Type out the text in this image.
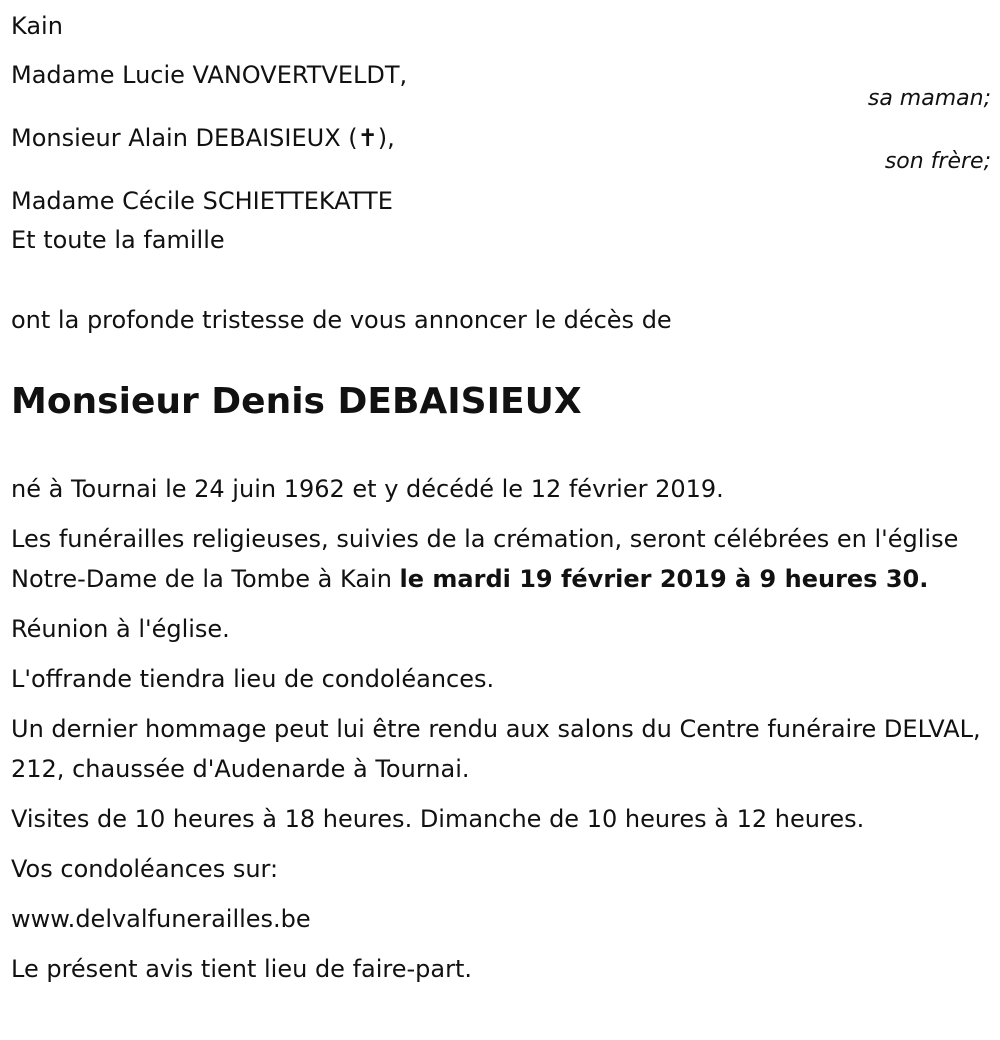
Kain
Madame Lucie VANOVERTVELDT,
sa maman;
Monsieur Alain DEBAISIEUX (✝),
son frère;
Madame Cécile SCHIETTEKATTE
Et toute la famille
ont la profonde tristesse de vous annoncer le décès de
Monsieur Denis DEBAISIEUX

né à Tournai le 24 juin 1962 et y décédé le 12 février 2019.

Les funérailles religieuses, suivies de la crémation, seront célébrées en l'église Notre-Dame de la Tombe à Kain le mardi 19 février 2019 à 9 heures 30.

Réunion à l'église.

L'offrande tiendra lieu de condoléances.

Un dernier hommage peut lui être rendu aux salons du Centre funéraire DELVAL, 212, chaussée d'Audenarde à Tournai.

Visites de 10 heures à 18 heures. Dimanche de 10 heures à 12 heures.

Vos condoléances sur:

www.delvalfunerailles.be

Le présent avis tient lieu de faire-part.
